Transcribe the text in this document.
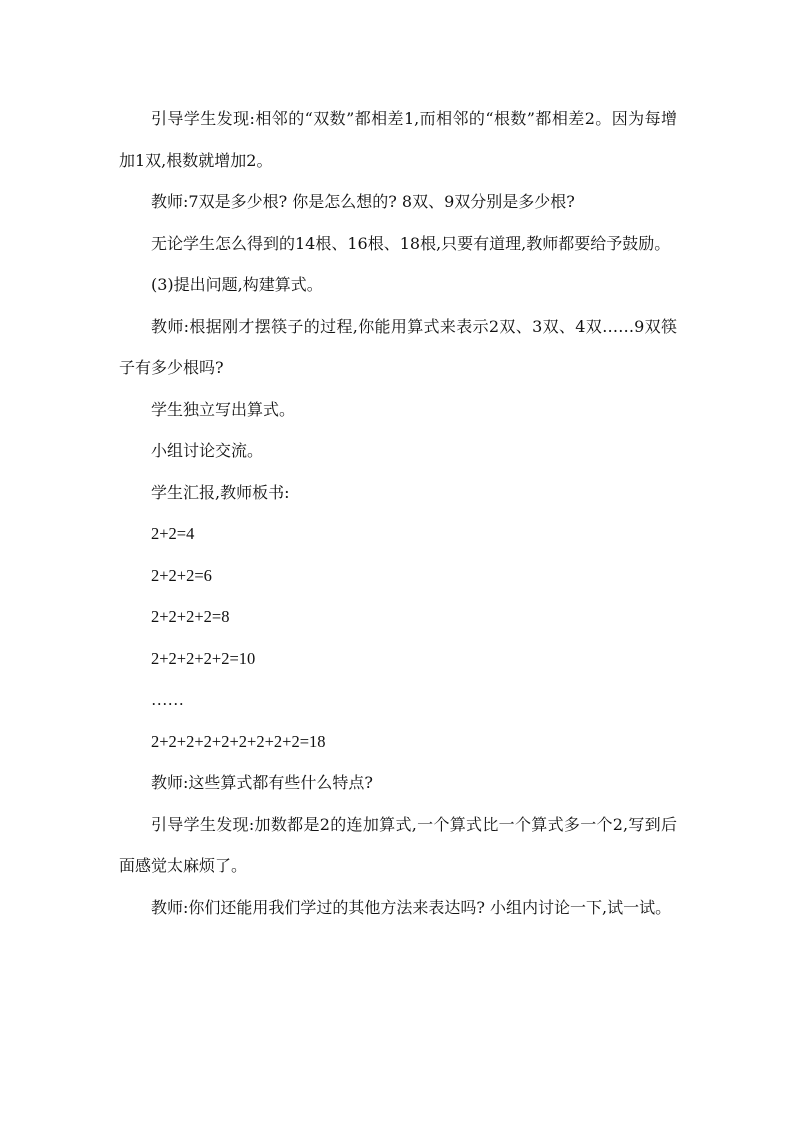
引导学生发现:相邻的“双数”都相差1,而相邻的“根数”都相差2。因为每增加1双,根数就增加2。

教师:7双是多少根? 你是怎么想的? 8双、9双分别是多少根?

无论学生怎么得到的14根、16根、18根,只要有道理,教师都要给予鼓励。

(3)提出问题,构建算式。

教师:根据刚才摆筷子的过程,你能用算式来表示2双、3双、4双……9双筷子有多少根吗?

学生独立写出算式。

小组讨论交流。

学生汇报,教师板书:

2+2=4

2+2+2=6

2+2+2+2=8

2+2+2+2+2=10

……

2+2+2+2+2+2+2+2+2=18

教师:这些算式都有些什么特点?

引导学生发现:加数都是2的连加算式,一个算式比一个算式多一个2,写到后面感觉太麻烦了。

教师:你们还能用我们学过的其他方法来表达吗? 小组内讨论一下,试一试。
